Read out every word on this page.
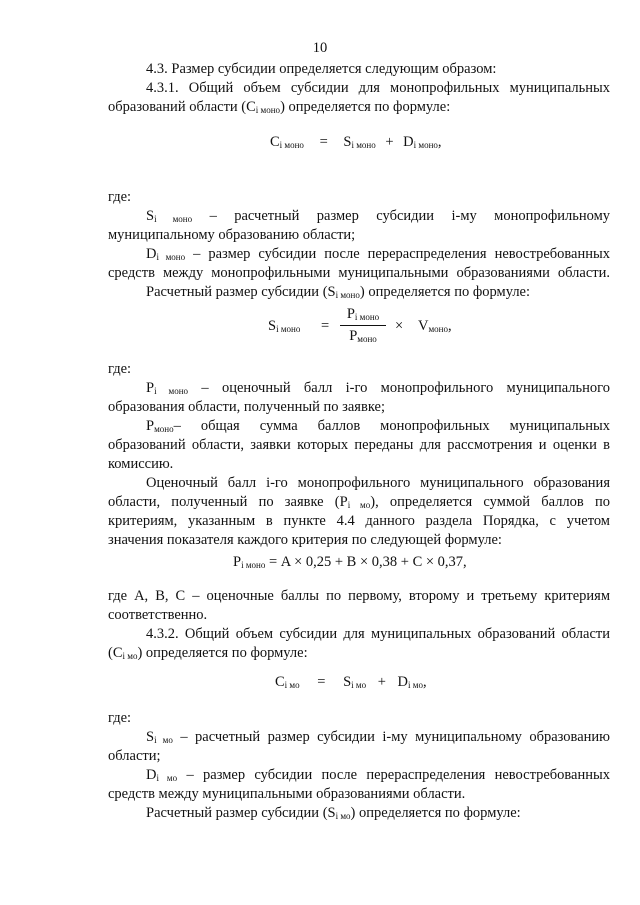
10
4.3. Размер субсидии определяется следующим образом:
4.3.1. Общий объем субсидии для монопрофильных муниципальных
образований области $(С_{i моно})$ определяется по формуле:
$C_{i моно} = S_{i моно} + D_{i моно}$,
где:
$S_{i моно}$ – расчетный размер субсидии i-му монопрофильному
муниципальному образованию области;
$D_{i моно}$ – размер субсидии после перераспределения невостребованных
средств между монопрофильными муниципальными образованиями области.
Расчетный размер субсидии $(S_{i моно})$ определяется по формуле:
$S_{i моно}$ =
$P_{i моно}$
$P_{моно}$
× $V_{моно}$,
где:
$P_{i моно}$ – оценочный балл i-го монопрофильного муниципального
образования области, полученный по заявке;
$P_{моно}-$ общая сумма баллов монопрофильных муниципальных
образований области, заявки которых переданы для рассмотрения и оценки в
комиссию.
Оценочный балл i-го монопрофильного муниципального образования
области, полученный по заявке $(P_{i мо})$, определяется суммой баллов по
критериям, указанным в пункте 4.4 данного раздела Порядка, с учетом
значения показателя каждого критерия по следующей формуле:
$P_{i моно} = A \times 0,25 + B \times 0,38 + C \times 0,37$,
где A, B, C – оценочные баллы по первому, второму и третьему критериям
соответственно.
4.3.2. Общий объем субсидии для муниципальных образований области
$(С_{i мо})$ определяется по формуле:
$C_{i мо} = S_{i мо} + D_{i мо}$,
где:
$S_{i мо}$ – расчетный размер субсидии i-му муниципальному образованию
области;
$D_{i мо}$ – размер субсидии после перераспределения невостребованных
средств между муниципальными образованиями области.
Расчетный размер субсидии $(S_{i мо})$ определяется по формуле:
